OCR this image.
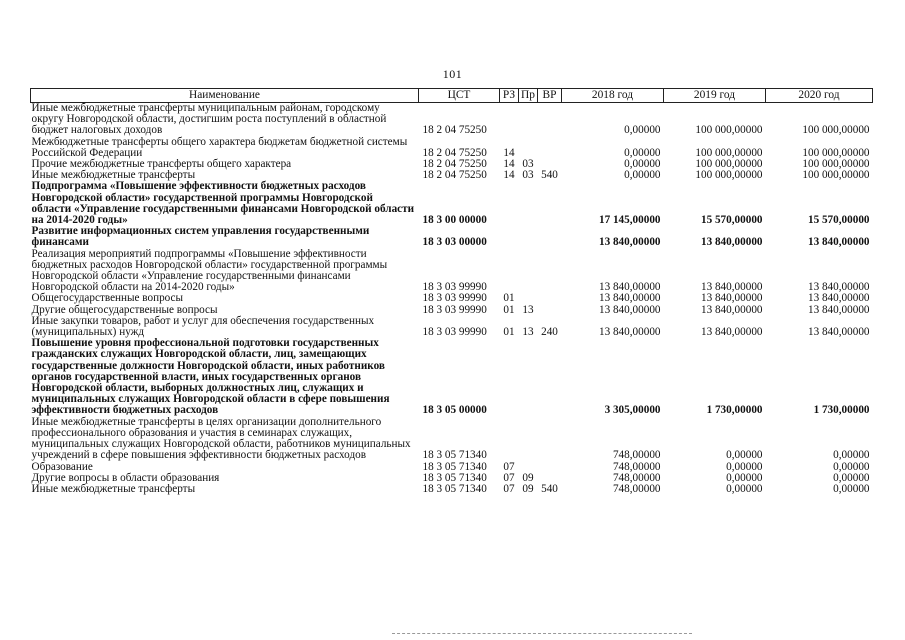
101
Наименование	ЦСТ	РЗ	Пр	ВР	2018 год	2019 год	2020 год
Иные межбюджетные трансферты муниципальным районам, городскому округу Новгородской области, достигшим роста поступлений в областной бюджет налоговых доходов	18 2 04 75250				0,00000	100 000,00000	100 000,00000
Межбюджетные трансферты общего характера бюджетам бюджетной системы Российской Федерации	18 2 04 75250	14			0,00000	100 000,00000	100 000,00000
Прочие межбюджетные трансферты общего характера	18 2 04 75250	14	03		0,00000	100 000,00000	100 000,00000
Иные межбюджетные трансферты	18 2 04 75250	14	03	540	0,00000	100 000,00000	100 000,00000
Подпрограмма «Повышение эффективности бюджетных расходов Новгородской области» государственной программы Новгородской области «Управление государственными финансами Новгородской области на 2014-2020 годы»	18 3 00 00000				17 145,00000	15 570,00000	15 570,00000
Развитие информационных систем управления государственными финансами	18 3 03 00000				13 840,00000	13 840,00000	13 840,00000
Реализация мероприятий подпрограммы «Повышение эффективности бюджетных расходов Новгородской области» государственной программы Новгородской области «Управление государственными финансами Новгородской области на 2014-2020 годы»	18 3 03 99990				13 840,00000	13 840,00000	13 840,00000
Общегосударственные вопросы	18 3 03 99990	01			13 840,00000	13 840,00000	13 840,00000
Другие общегосударственные вопросы	18 3 03 99990	01	13		13 840,00000	13 840,00000	13 840,00000
Иные закупки товаров, работ и услуг для обеспечения государственных (муниципальных) нужд	18 3 03 99990	01	13	240	13 840,00000	13 840,00000	13 840,00000
Повышение уровня профессиональной подготовки государственных гражданских служащих Новгородской области, лиц, замещающих государственные должности Новгородской области, иных работников органов государственной власти, иных государственных органов Новгородской области, выборных должностных лиц, служащих и муниципальных служащих Новгородской области в сфере повышения эффективности бюджетных расходов	18 3 05 00000				3 305,00000	1 730,00000	1 730,00000
Иные межбюджетные трансферты в целях организации дополнительного профессионального образования и участия в семинарах служащих, муниципальных служащих Новгородской области, работников муниципальных учреждений в сфере повышения эффективности бюджетных расходов	18 3 05 71340				748,00000	0,00000	0,00000
Образование	18 3 05 71340	07			748,00000	0,00000	0,00000
Другие вопросы в области образования	18 3 05 71340	07	09		748,00000	0,00000	0,00000
Иные межбюджетные трансферты	18 3 05 71340	07	09	540	748,00000	0,00000	0,00000
